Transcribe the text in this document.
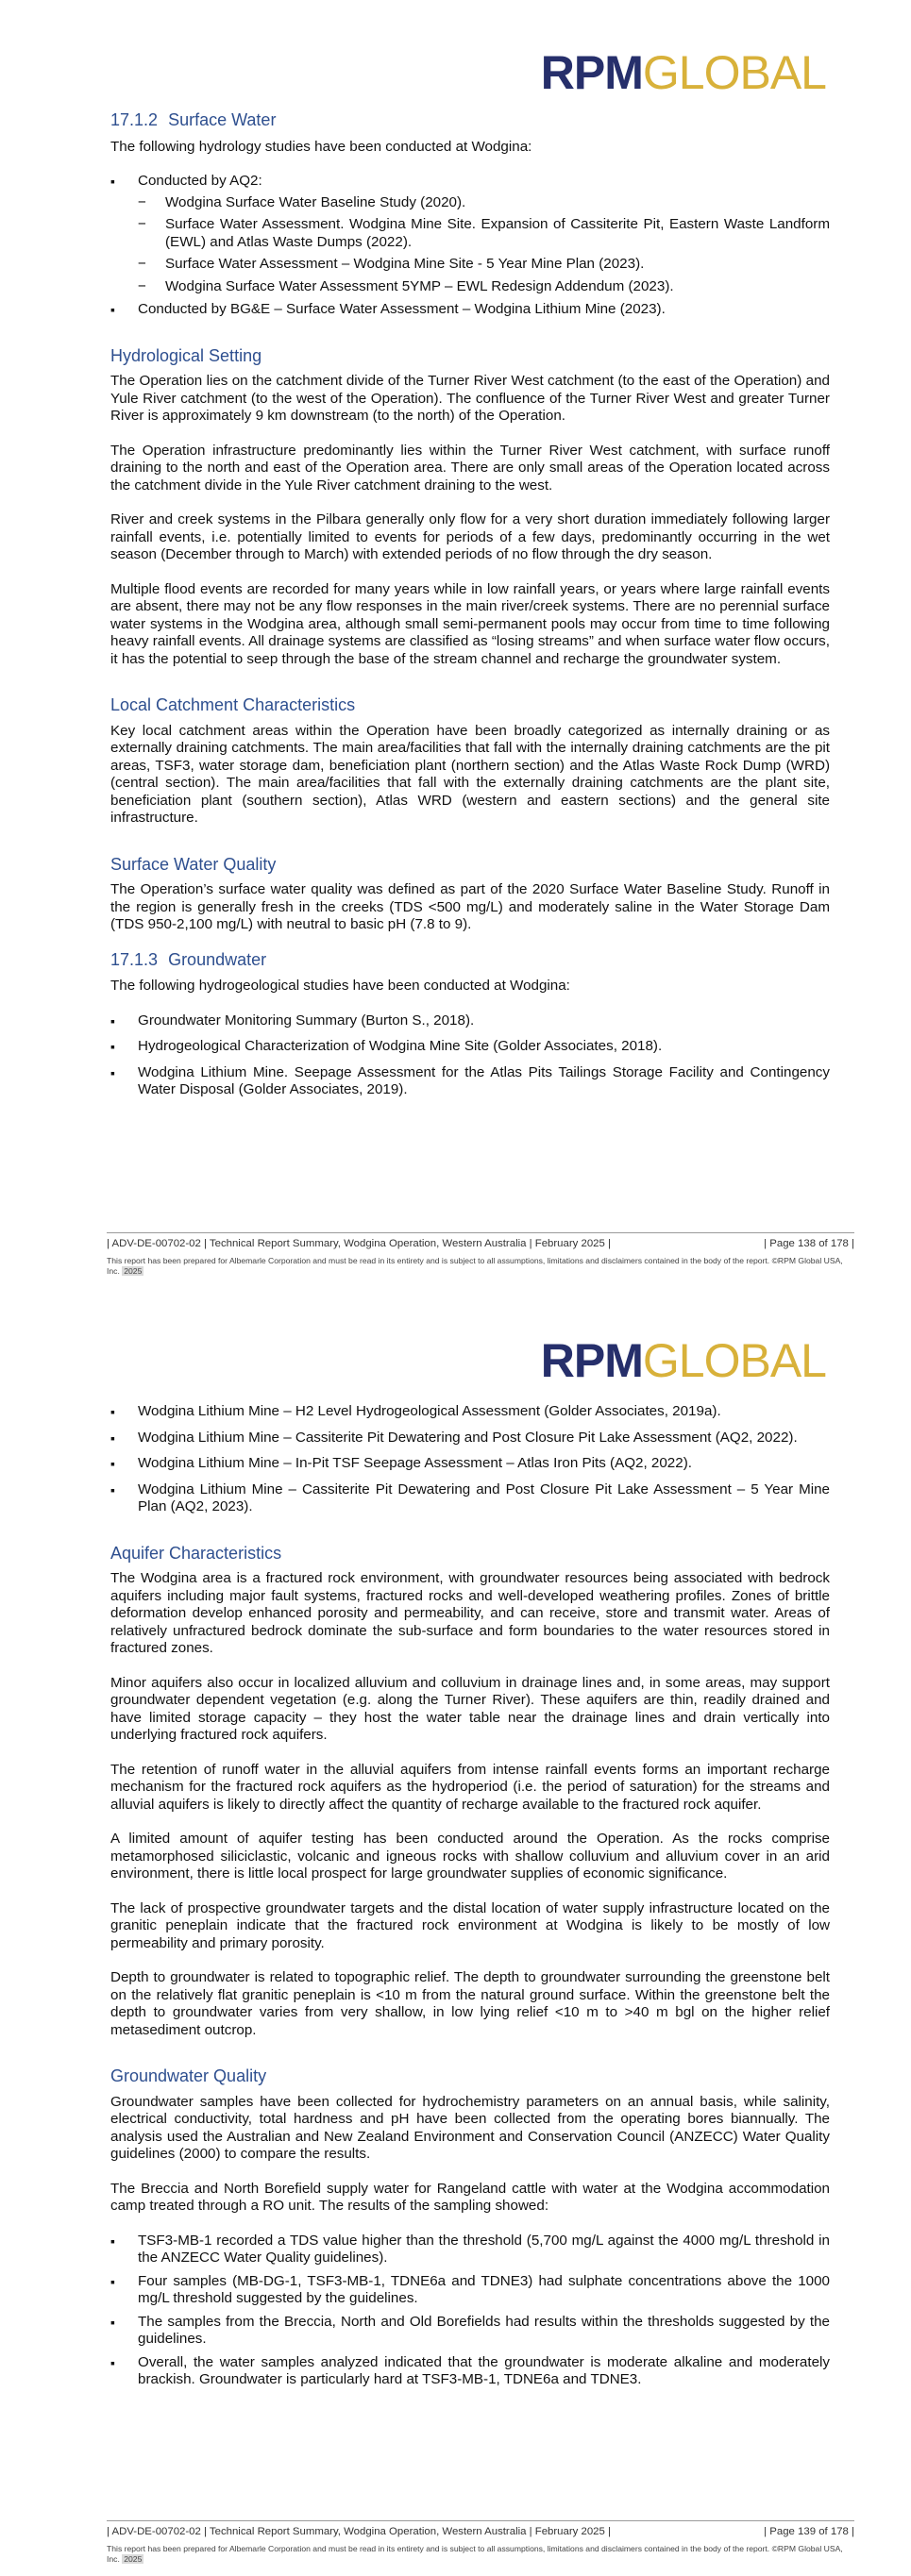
RPMGLOBAL
17.1.2 Surface Water

The following hydrology studies have been conducted at Wodgina:

▪ Conducted by AQ2:
− Wodgina Surface Water Baseline Study (2020).
− Surface Water Assessment. Wodgina Mine Site. Expansion of Cassiterite Pit, Eastern Waste Landform (EWL) and Atlas Waste Dumps (2022).
− Surface Water Assessment – Wodgina Mine Site - 5 Year Mine Plan (2023).
− Wodgina Surface Water Assessment 5YMP – EWL Redesign Addendum (2023).
▪ Conducted by BG&E – Surface Water Assessment – Wodgina Lithium Mine (2023).
Hydrological Setting

The Operation lies on the catchment divide of the Turner River West catchment (to the east of the Operation) and Yule River catchment (to the west of the Operation). The confluence of the Turner River West and greater Turner River is approximately 9 km downstream (to the north) of the Operation.

The Operation infrastructure predominantly lies within the Turner River West catchment, with surface runoff draining to the north and east of the Operation area. There are only small areas of the Operation located across the catchment divide in the Yule River catchment draining to the west.

River and creek systems in the Pilbara generally only flow for a very short duration immediately following larger rainfall events, i.e. potentially limited to events for periods of a few days, predominantly occurring in the wet season (December through to March) with extended periods of no flow through the dry season.

Multiple flood events are recorded for many years while in low rainfall years, or years where large rainfall events are absent, there may not be any flow responses in the main river/creek systems. There are no perennial surface water systems in the Wodgina area, although small semi-permanent pools may occur from time to time following heavy rainfall events. All drainage systems are classified as “losing streams” and when surface water flow occurs, it has the potential to seep through the base of the stream channel and recharge the groundwater system.

Local Catchment Characteristics

Key local catchment areas within the Operation have been broadly categorized as internally draining or as externally draining catchments. The main area/facilities that fall with the internally draining catchments are the pit areas, TSF3, water storage dam, beneficiation plant (northern section) and the Atlas Waste Rock Dump (WRD) (central section). The main area/facilities that fall with the externally draining catchments are the plant site, beneficiation plant (southern section), Atlas WRD (western and eastern sections) and the general site infrastructure.

Surface Water Quality

The Operation’s surface water quality was defined as part of the 2020 Surface Water Baseline Study. Runoff in the region is generally fresh in the creeks (TDS <500 mg/L) and moderately saline in the Water Storage Dam (TDS 950-2,100 mg/L) with neutral to basic pH (7.8 to 9).

17.1.3 Groundwater

The following hydrogeological studies have been conducted at Wodgina:

▪ Groundwater Monitoring Summary (Burton S., 2018).
▪ Hydrogeological Characterization of Wodgina Mine Site (Golder Associates, 2018).
▪ Wodgina Lithium Mine. Seepage Assessment for the Atlas Pits Tailings Storage Facility and Contingency Water Disposal (Golder Associates, 2019).
| ADV-DE-00702-02 | Technical Report Summary, Wodgina Operation, Western Australia | February 2025 |	| Page 138 of 178 |
This report has been prepared for Albemarle Corporation and must be read in its entirety and is subject to all assumptions, limitations and disclaimers contained in the body of the report. ©RPM Global USA, Inc. 2025
RPMGLOBAL
▪ Wodgina Lithium Mine – H2 Level Hydrogeological Assessment (Golder Associates, 2019a).
▪ Wodgina Lithium Mine – Cassiterite Pit Dewatering and Post Closure Pit Lake Assessment (AQ2, 2022).
▪ Wodgina Lithium Mine – In-Pit TSF Seepage Assessment – Atlas Iron Pits (AQ2, 2022).
▪ Wodgina Lithium Mine – Cassiterite Pit Dewatering and Post Closure Pit Lake Assessment – 5 Year Mine Plan (AQ2, 2023).
Aquifer Characteristics

The Wodgina area is a fractured rock environment, with groundwater resources being associated with bedrock aquifers including major fault systems, fractured rocks and well-developed weathering profiles. Zones of brittle deformation develop enhanced porosity and permeability, and can receive, store and transmit water. Areas of relatively unfractured bedrock dominate the sub-surface and form boundaries to the water resources stored in fractured zones.

Minor aquifers also occur in localized alluvium and colluvium in drainage lines and, in some areas, may support groundwater dependent vegetation (e.g. along the Turner River). These aquifers are thin, readily drained and have limited storage capacity – they host the water table near the drainage lines and drain vertically into underlying fractured rock aquifers.

The retention of runoff water in the alluvial aquifers from intense rainfall events forms an important recharge mechanism for the fractured rock aquifers as the hydroperiod (i.e. the period of saturation) for the streams and alluvial aquifers is likely to directly affect the quantity of recharge available to the fractured rock aquifer.

A limited amount of aquifer testing has been conducted around the Operation. As the rocks comprise metamorphosed siliciclastic, volcanic and igneous rocks with shallow colluvium and alluvium cover in an arid environment, there is little local prospect for large groundwater supplies of economic significance.

The lack of prospective groundwater targets and the distal location of water supply infrastructure located on the granitic peneplain indicate that the fractured rock environment at Wodgina is likely to be mostly of low permeability and primary porosity.

Depth to groundwater is related to topographic relief. The depth to groundwater surrounding the greenstone belt on the relatively flat granitic peneplain is <10 m from the natural ground surface. Within the greenstone belt the depth to groundwater varies from very shallow, in low lying relief <10 m to >40 m bgl on the higher relief metasediment outcrop.

Groundwater Quality

Groundwater samples have been collected for hydrochemistry parameters on an annual basis, while salinity, electrical conductivity, total hardness and pH have been collected from the operating bores biannually. The analysis used the Australian and New Zealand Environment and Conservation Council (ANZECC) Water Quality guidelines (2000) to compare the results.

The Breccia and North Borefield supply water for Rangeland cattle with water at the Wodgina accommodation camp treated through a RO unit. The results of the sampling showed:

▪ TSF3-MB-1 recorded a TDS value higher than the threshold (5,700 mg/L against the 4000 mg/L threshold in the ANZECC Water Quality guidelines).
▪ Four samples (MB-DG-1, TSF3-MB-1, TDNE6a and TDNE3) had sulphate concentrations above the 1000 mg/L threshold suggested by the guidelines.
▪ The samples from the Breccia, North and Old Borefields had results within the thresholds suggested by the guidelines.
▪ Overall, the water samples analyzed indicated that the groundwater is moderate alkaline and moderately brackish. Groundwater is particularly hard at TSF3-MB-1, TDNE6a and TDNE3.
| ADV-DE-00702-02 | Technical Report Summary, Wodgina Operation, Western Australia | February 2025 |	| Page 139 of 178 |
This report has been prepared for Albemarle Corporation and must be read in its entirety and is subject to all assumptions, limitations and disclaimers contained in the body of the report. ©RPM Global USA, Inc. 2025
